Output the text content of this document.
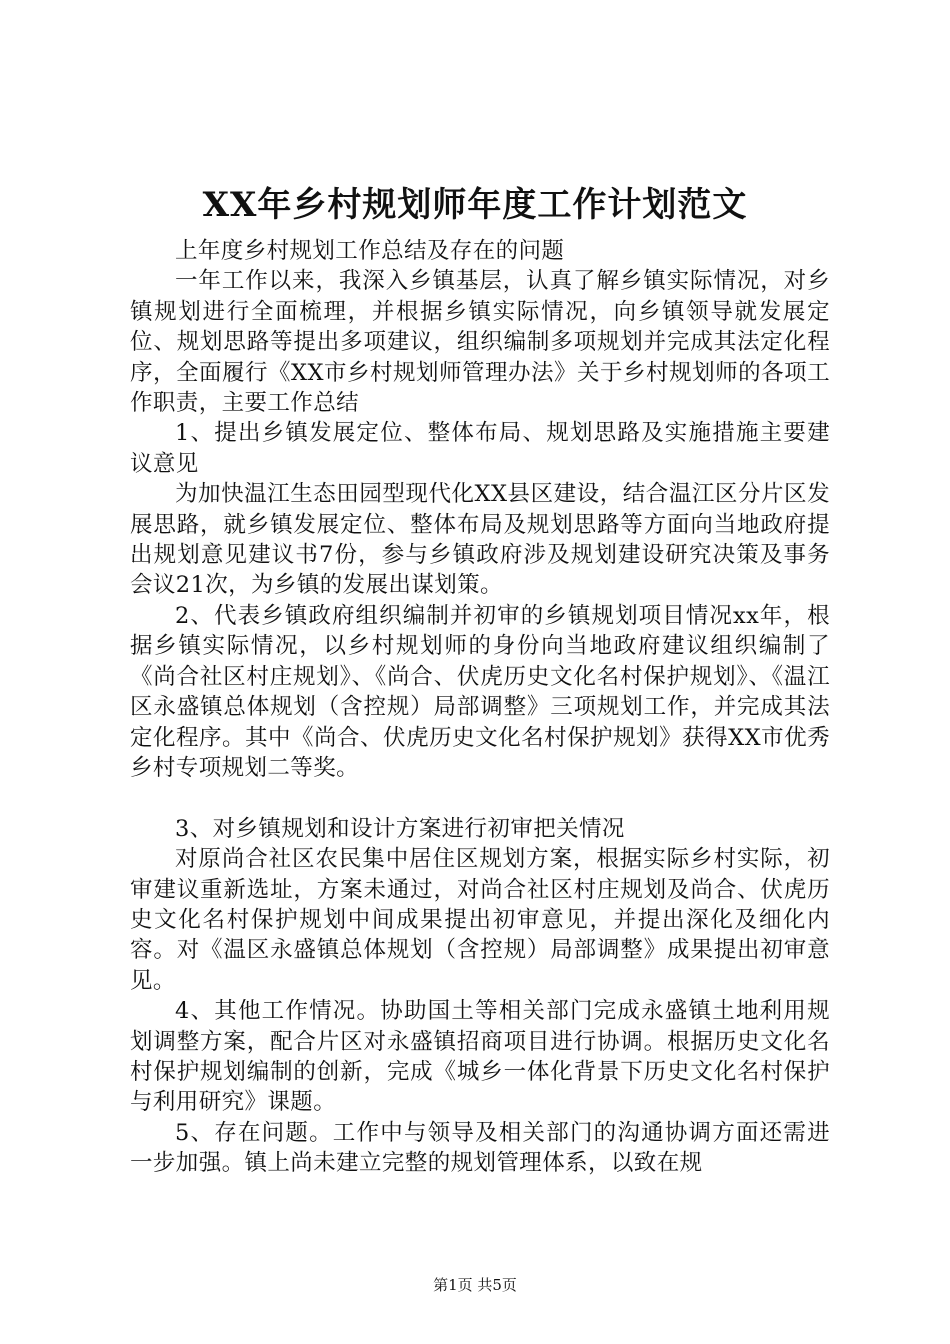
XX年乡村规划师年度工作计划范文

上年度乡村规划工作总结及存在的问题

一年工作以来，我深入乡镇基层，认真了解乡镇实际情况，对乡镇规划进行全面梳理，并根据乡镇实际情况，向乡镇领导就发展定位、规划思路等提出多项建议，组织编制多项规划并完成其法定化程序，全面履行《XX市乡村规划师管理办法》关于乡村规划师的各项工作职责，主要工作总结

1、提出乡镇发展定位、整体布局、规划思路及实施措施主要建议意见

为加快温江生态田园型现代化XX县区建设，结合温江区分片区发展思路，就乡镇发展定位、整体布局及规划思路等方面向当地政府提出规划意见建议书7份，参与乡镇政府涉及规划建设研究决策及事务会议21次，为乡镇的发展出谋划策。

2、代表乡镇政府组织编制并初审的乡镇规划项目情况xx年，根据乡镇实际情况，以乡村规划师的身份向当地政府建议组织编制了《尚合社区村庄规划》、《尚合、伏虎历史文化名村保护规划》、《温江区永盛镇总体规划（含控规）局部调整》三项规划工作，并完成其法定化程序。其中《尚合、伏虎历史文化名村保护规划》获得XX市优秀乡村专项规划二等奖。

3、对乡镇规划和设计方案进行初审把关情况

对原尚合社区农民集中居住区规划方案，根据实际乡村实际，初审建议重新选址，方案未通过，对尚合社区村庄规划及尚合、伏虎历史文化名村保护规划中间成果提出初审意见，并提出深化及细化内容。对《温区永盛镇总体规划（含控规）局部调整》成果提出初审意见。

4、其他工作情况。协助国土等相关部门完成永盛镇土地利用规划调整方案，配合片区对永盛镇招商项目进行协调。根据历史文化名村保护规划编制的创新，完成《城乡一体化背景下历史文化名村保护与利用研究》课题。

5、存在问题。工作中与领导及相关部门的沟通协调方面还需进一步加强。镇上尚未建立完整的规划管理体系，以致在规

第1页 共5页
